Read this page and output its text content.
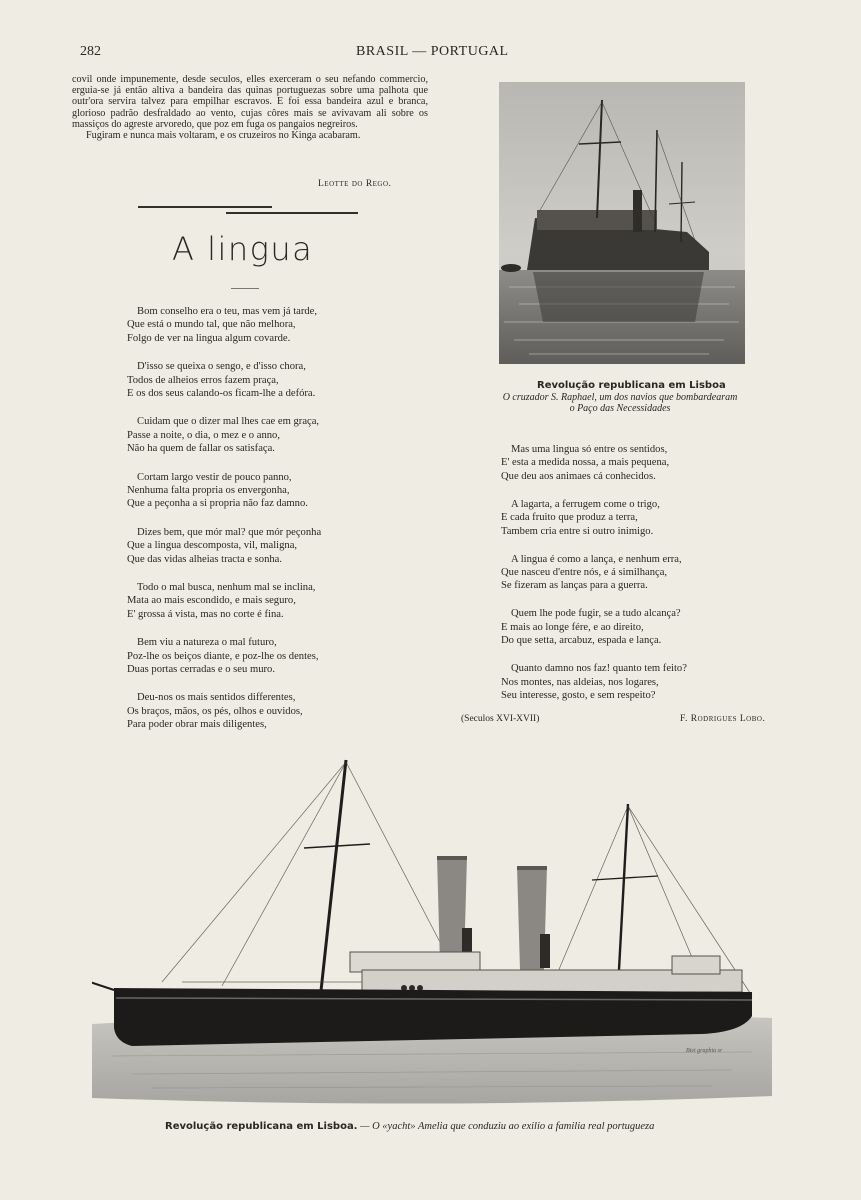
282	BRASIL — PORTUGAL

covil onde impunemente, desde seculos, elles exerceram o seu nefando commercio, erguia-se já então altiva a bandeira das quinas portuguezas sobre uma palhota que outr'ora servira talvez para empilhar escravos. E foi essa bandeira azul e branca, glorioso padrão desfraldado ao vento, cujas côres mais se avivavam ali sobre os massiços do agreste arvoredo, que poz em fuga os pangaios negreiros.

Fugiram e nunca mais voltaram, e os cruzeiros no Kinga acabaram.

Leotte do Rego.
A lingua
Bom conselho era o teu, mas vem já tarde,
Que está o mundo tal, que não melhora,
Folgo de ver na lingua algum covarde.
D'isso se queixa o sengo, e d'isso chora,
Todos de alheios erros fazem praça,
E os dos seus calando-os ficam-lhe a defóra.
Cuidam que o dizer mal lhes cae em graça,
Passe a noite, o dia, o mez e o anno,
Não ha quem de fallar os satisfaça.
Cortam largo vestir de pouco panno,
Nenhuma falta propria os envergonha,
Que a peçonha a si propria não faz damno.
Dizes bem, que mór mal? que mór peçonha
Que a lingua descomposta, vil, maligna,
Que das vidas alheias tracta e sonha.
Todo o mal busca, nenhum mal se inclina,
Mata ao mais escondido, e mais seguro,
E' grossa á vista, mas no corte é fina.
Bem viu a natureza o mal futuro,
Poz-lhe os beiços diante, e poz-lhe os dentes,
Duas portas cerradas e o seu muro.
Deu-nos os mais sentidos differentes,
Os braços, mãos, os pés, olhos e ouvidos,
Para poder obrar mais diligentes,
Mas uma lingua só entre os sentidos,
E' esta a medida nossa, a mais pequena,
Que deu aos animaes cá conhecidos.
A lagarta, a ferrugem come o trigo,
E cada fruito que produz a terra,
Tambem cria entre si outro inimigo.
A lingua é como a lança, e nenhum erra,
Que nasceu d'entre nós, e á similhança,
Se fizeram as lanças para a guerra.
Quem lhe pode fugir, se a tudo alcança?
E mais ao longe fére, e ao direito,
Do que setta, arcabuz, espada e lança.
Quanto damno nos faz! quanto tem feito?
Nos montes, nas aldeias, nos logares,
Seu interesse, gosto, e sem respeito?
(Seculos XVI-XVII)	F. Rodrigues Lobo.
Revolução republicana em Lisboa
O cruzador S. Raphael, um dos navios que bombardearam
o Paço das Necessidades
Biet graphia sr
Revolução republicana em Lisboa. — O «yacht» Amelia que conduziu ao exilio a familia real portugueza
